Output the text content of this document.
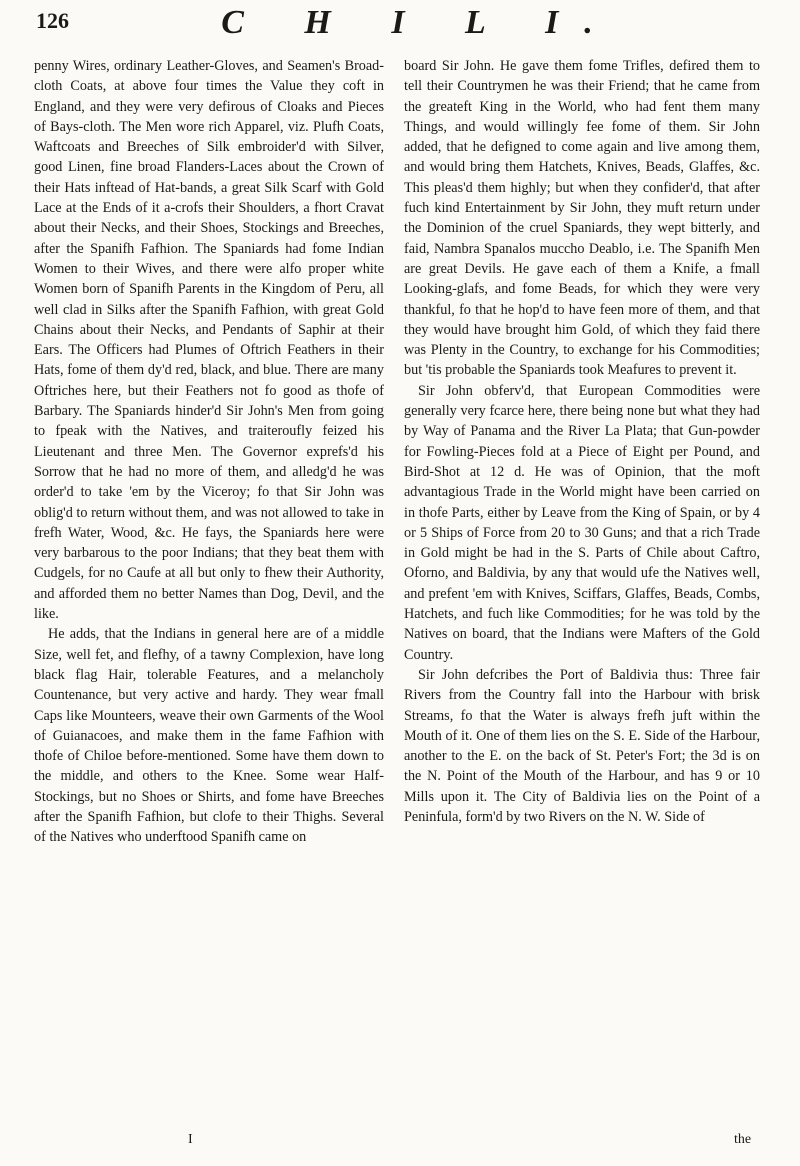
126	C H I L I.

penny Wires, ordinary Leather-Gloves, and Seamen's Broad-cloth Coats, at above four times the Value they coft in England, and they were very defirous of Cloaks and Pieces of Bays-cloth. The Men wore rich Apparel, viz. Plufh Coats, Waftcoats and Breeches of Silk embroider'd with Silver, good Linen, fine broad Flanders-Laces about the Crown of their Hats inftead of Hat-bands, a great Silk Scarf with Gold Lace at the Ends of it a-crofs their Shoulders, a fhort Cravat about their Necks, and their Shoes, Stockings and Breeches, after the Spanifh Fafhion. The Spaniards had fome Indian Women to their Wives, and there were alfo proper white Women born of Spanifh Parents in the Kingdom of Peru, all well clad in Silks after the Spanifh Fafhion, with great Gold Chains about their Necks, and Pendants of Saphir at their Ears. The Officers had Plumes of Oftrich Feathers in their Hats, fome of them dy'd red, black, and blue. There are many Oftriches here, but their Feathers not fo good as thofe of Barbary. The Spaniards hinder'd Sir John's Men from going to fpeak with the Natives, and traiteroufly feized his Lieutenant and three Men. The Governor exprefs'd his Sorrow that he had no more of them, and alledg'd he was order'd to take 'em by the Viceroy; fo that Sir John was oblig'd to return without them, and was not allowed to take in frefh Water, Wood, &c. He fays, the Spaniards here were very barbarous to the poor Indians; that they beat them with Cudgels, for no Caufe at all but only to fhew their Authority, and afforded them no better Names than Dog, Devil, and the like.

He adds, that the Indians in general here are of a middle Size, well fet, and flefhy, of a tawny Complexion, have long black flag Hair, tolerable Features, and a melancholy Countenance, but very active and hardy. They wear fmall Caps like Mounteers, weave their own Garments of the Wool of Guianacoes, and make them in the fame Fafhion with thofe of Chiloe before-mentioned. Some have them down to the middle, and others to the Knee. Some wear Half-Stockings, but no Shoes or Shirts, and fome have Breeches after the Spanifh Fafhion, but clofe to their Thighs. Several of the Natives who underftood Spanifh came on

board Sir John. He gave them fome Trifles, defired them to tell their Countrymen he was their Friend; that he came from the greateft King in the World, who had fent them many Things, and would willingly fee fome of them. Sir John added, that he defigned to come again and live among them, and would bring them Hatchets, Knives, Beads, Glaffes, &c. This pleas'd them highly; but when they confider'd, that after fuch kind Entertainment by Sir John, they muft return under the Dominion of the cruel Spaniards, they wept bitterly, and faid, Nambra Spanalos muccho Deablo, i.e. The Spanifh Men are great Devils. He gave each of them a Knife, a fmall Looking-glafs, and fome Beads, for which they were very thankful, fo that he hop'd to have feen more of them, and that they would have brought him Gold, of which they faid there was Plenty in the Country, to exchange for his Commodities; but 'tis probable the Spaniards took Meafures to prevent it.

Sir John obferv'd, that European Commodities were generally very fcarce here, there being none but what they had by Way of Panama and the River La Plata; that Gun-powder for Fowling-Pieces fold at a Piece of Eight per Pound, and Bird-Shot at 12 d. He was of Opinion, that the moft advantagious Trade in the World might have been carried on in thofe Parts, either by Leave from the King of Spain, or by 4 or 5 Ships of Force from 20 to 30 Guns; and that a rich Trade in Gold might be had in the S. Parts of Chile about Caftro, Oforno, and Baldivia, by any that would ufe the Natives well, and prefent 'em with Knives, Sciffars, Glaffes, Beads, Combs, Hatchets, and fuch like Commodities; for he was told by the Natives on board, that the Indians were Mafters of the Gold Country.

Sir John defcribes the Port of Baldivia thus: Three fair Rivers from the Country fall into the Harbour with brisk Streams, fo that the Water is always frefh juft within the Mouth of it. One of them lies on the S. E. Side of the Harbour, another to the E. on the back of St. Peter's Fort; the 3d is on the N. Point of the Mouth of the Harbour, and has 9 or 10 Mills upon it. The City of Baldivia lies on the Point of a Peninfula, form'd by two Rivers on the N. W. Side of

I	the
